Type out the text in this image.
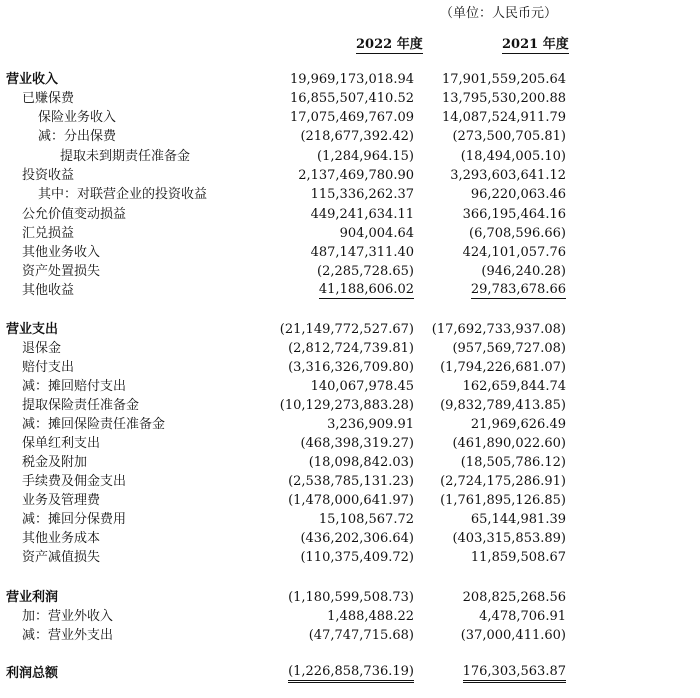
（单位：人民币元）
2022 年度	2021 年度
营业收入	19,969,173,018.94 17,901,559,205.64
已赚保费	16,855,507,410.52 13,795,530,200.88
保险业务收入	17,075,469,767.09 14,087,524,911.79
减：分出保费	(218,677,392.42)	(273,500,705.81)
提取未到期责任准备金	(1,284,964.15)	(18,494,005.10)
投资收益	2,137,469,780.90	3,293,603,641.12
其中：对联营企业的投资收益	115,336,262.37	96,220,063.46
公允价值变动损益	449,241,634.11	366,195,464.16
汇兑损益	904,004.64	(6,708,596.66)
其他业务收入	487,147,311.40	424,101,057.76
资产处置损失	(2,285,728.65)	(946,240.28)
其他收益	41,188,606.02	29,783,678.66
营业支出	(21,149,772,527.67) (17,692,733,937.08)
退保金	(2,812,724,739.81)	(957,569,727.08)
赔付支出	(3,316,326,709.80) (1,794,226,681.07)
减：摊回赔付支出	140,067,978.45	162,659,844.74
提取保险责任准备金	(10,129,273,883.28) (9,832,789,413.85)
减：摊回保险责任准备金	3,236,909.91	21,969,626.49
保单红利支出	(468,398,319.27)	(461,890,022.60)
税金及附加	(18,098,842.03)	(18,505,786.12)
手续费及佣金支出	(2,538,785,131.23) (2,724,175,286.91)
业务及管理费	(1,478,000,641.97) (1,761,895,126.85)
减：摊回分保费用	15,108,567.72	65,144,981.39
其他业务成本	(436,202,306.64)	(403,315,853.89)
资产减值损失	(110,375,409.72)	11,859,508.67
营业利润	(1,180,599,508.73)	208,825,268.56
加：营业外收入	1,488,488.22	4,478,706.91
减：营业外支出	(47,747,715.68)	(37,000,411.60)
利润总额	(1,226,858,736.19)	176,303,563.87
